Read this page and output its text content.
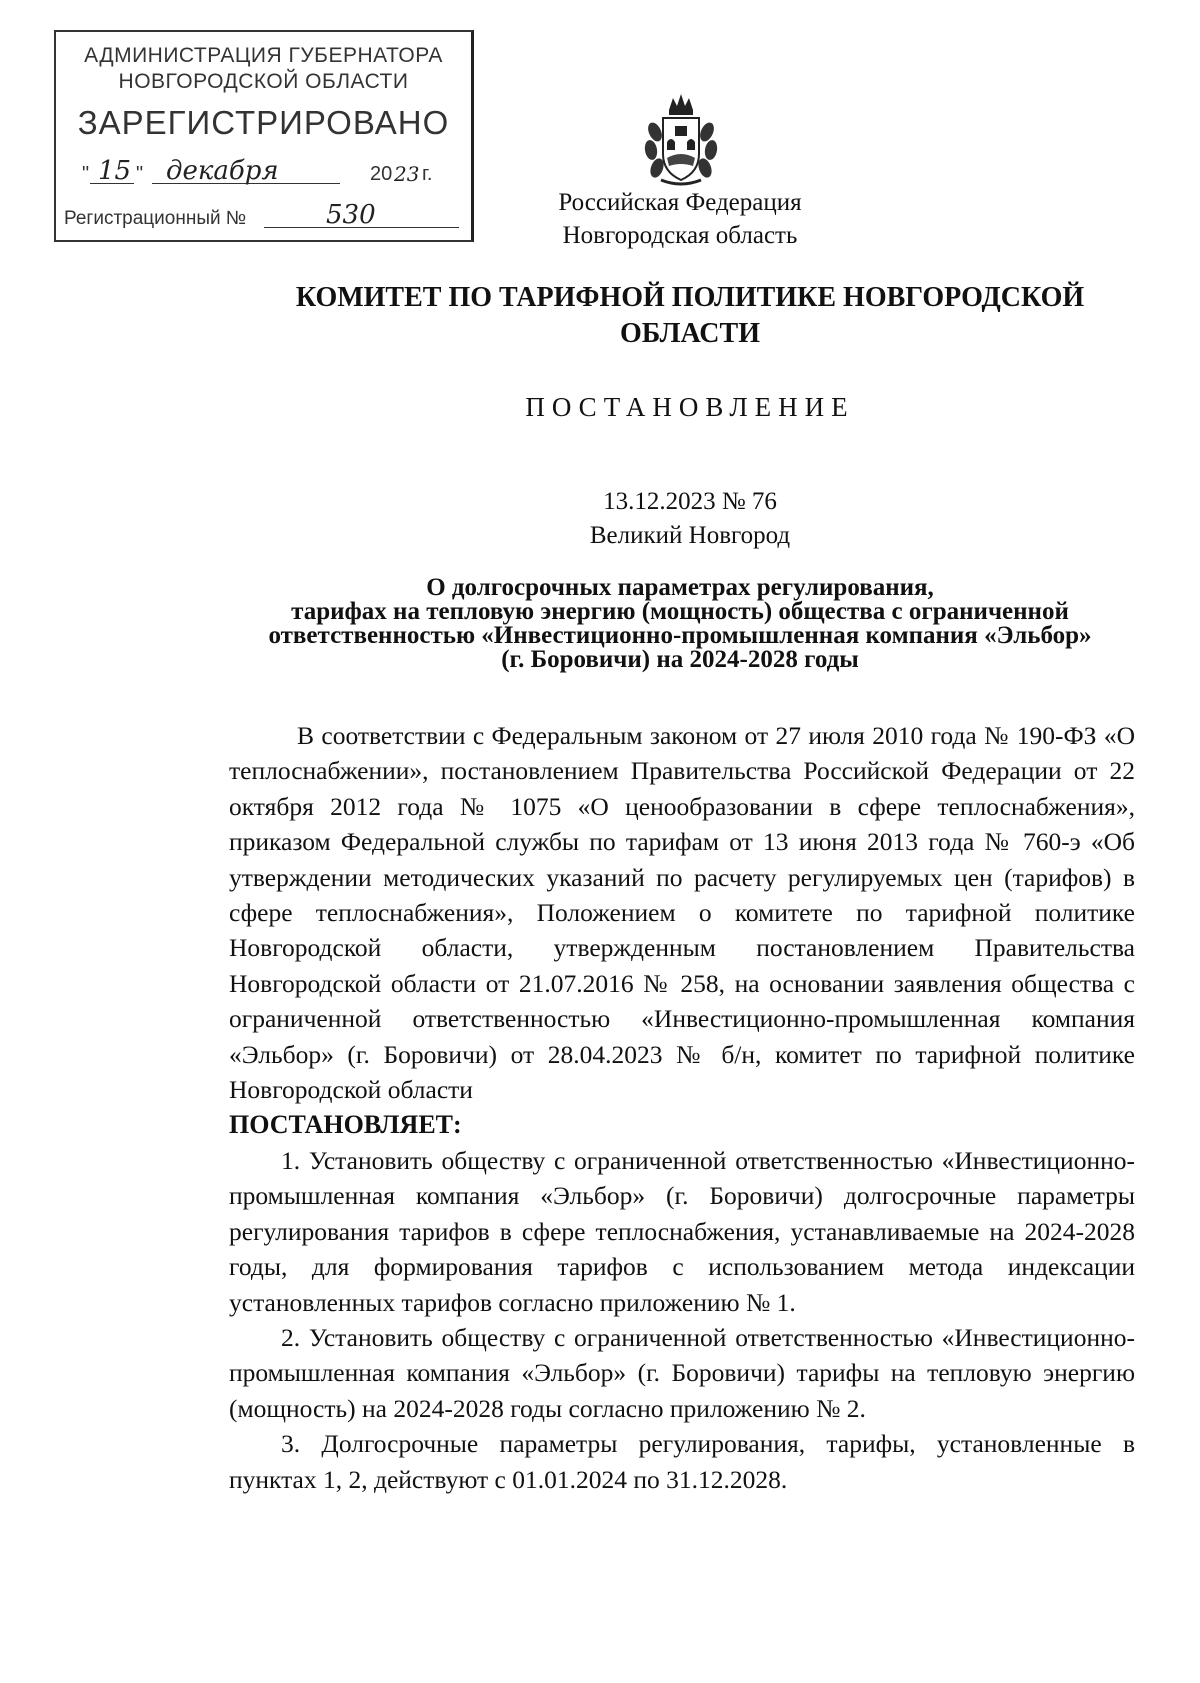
АДМИНИСТРАЦИЯ ГУБЕРНАТОРА
НОВГОРОДСКОЙ ОБЛАСТИ
ЗАРЕГИСТРИРОВАНО
" 15 " декабря	20 23 г.
Регистрационный №	530	Российская Федерация
Новгородская область
КОМИТЕТ ПО ТАРИФНОЙ ПОЛИТИКЕ НОВГОРОДСКОЙ
ОБЛАСТИ
ПОСТАНОВЛЕНИЕ
13.12.2023 № 76
Великий Новгород
О долгосрочных параметрах регулирования,
тарифах на тепловую энергию (мощность) общества с ограниченной
ответственностью «Инвестиционно-промышленная компания «Эльбор»
(г. Боровичи) на 2024-2028 годы

В соответствии с Федеральным законом от 27 июля 2010 года № 190-ФЗ «О теплоснабжении», постановлением Правительства Российской Федерации от 22 октября 2012 года № 1075 «О ценообразовании в сфере теплоснабжения», приказом Федеральной службы по тарифам от 13 июня 2013 года № 760-э «Об утверждении методических указаний по расчету регулируемых цен (тарифов) в сфере теплоснабжения», Положением о комитете по тарифной политике Новгородской области, утвержденным постановлением Правительства Новгородской области от 21.07.2016 № 258, на основании заявления общества с ограниченной ответственностью «Инвестиционно-промышленная компания «Эльбор» (г. Боровичи) от 28.04.2023 № б/н, комитет по тарифной политике Новгородской области

ПОСТАНОВЛЯЕТ:

1. Установить обществу с ограниченной ответственностью «Инвестиционно-промышленная компания «Эльбор» (г. Боровичи) долгосрочные параметры регулирования тарифов в сфере теплоснабжения, устанавливаемые на 2024-2028 годы, для формирования тарифов с использованием метода индексации установленных тарифов согласно приложению № 1.

2. Установить обществу с ограниченной ответственностью «Инвестиционно-промышленная компания «Эльбор» (г. Боровичи) тарифы на тепловую энергию (мощность) на 2024-2028 годы согласно приложению № 2.

3. Долгосрочные параметры регулирования, тарифы, установленные в пунктах 1, 2, действуют с 01.01.2024 по 31.12.2028.
